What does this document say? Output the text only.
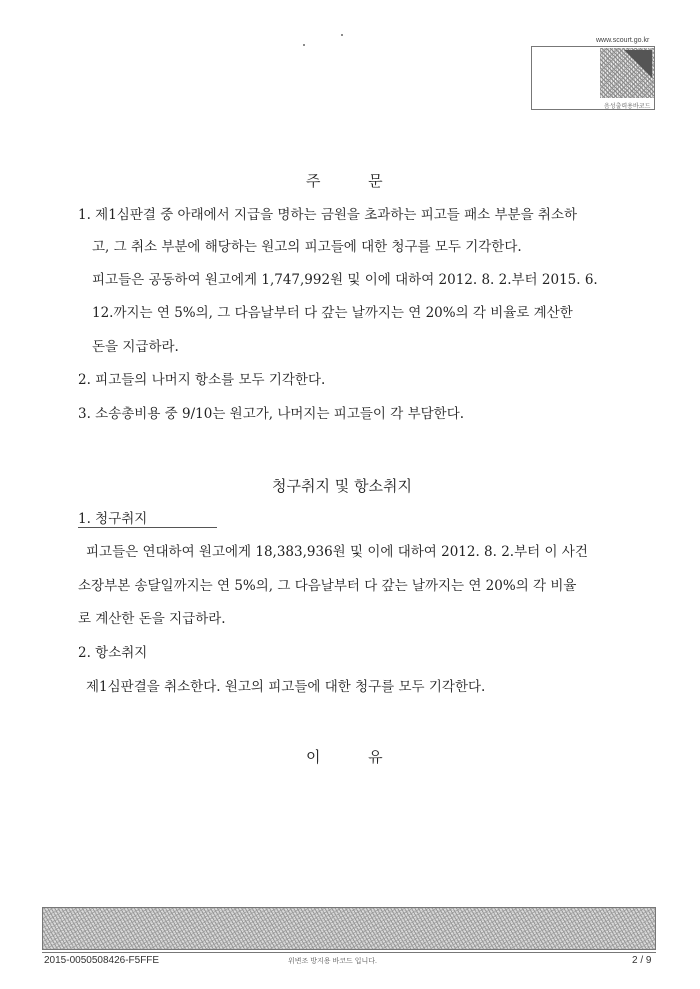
www.scourt.go.kr
음성출력용바코드
주          문
1. 제1심판결 중 아래에서 지급을 명하는 금원을 초과하는 피고들 패소 부분을 취소하
고, 그 취소 부분에 해당하는 원고의 피고들에 대한 청구를 모두 기각한다.
피고들은 공동하여 원고에게 1,747,992원 및 이에 대하여 2012. 8. 2.부터 2015. 6.
12.까지는 연 5%의, 그 다음날부터 다 갚는 날까지는 연 20%의 각 비율로 계산한
돈을 지급하라.
2. 피고들의 나머지 항소를 모두 기각한다.
3. 소송총비용 중 9/10는 원고가, 나머지는 피고들이 각 부담한다.
청구취지 및 항소취지
1. 청구취지
피고들은 연대하여 원고에게 18,383,936원 및 이에 대하여 2012. 8. 2.부터 이 사건
소장부본 송달일까지는 연 5%의, 그 다음날부터 다 갚는 날까지는 연 20%의 각 비율
로 계산한 돈을 지급하라.
2. 항소취지
제1심판결을 취소한다. 원고의 피고들에 대한 청구를 모두 기각한다.
이          유
2015-0050508426-F5FFE	위변조 방지용 바코드 입니다.	2 / 9
